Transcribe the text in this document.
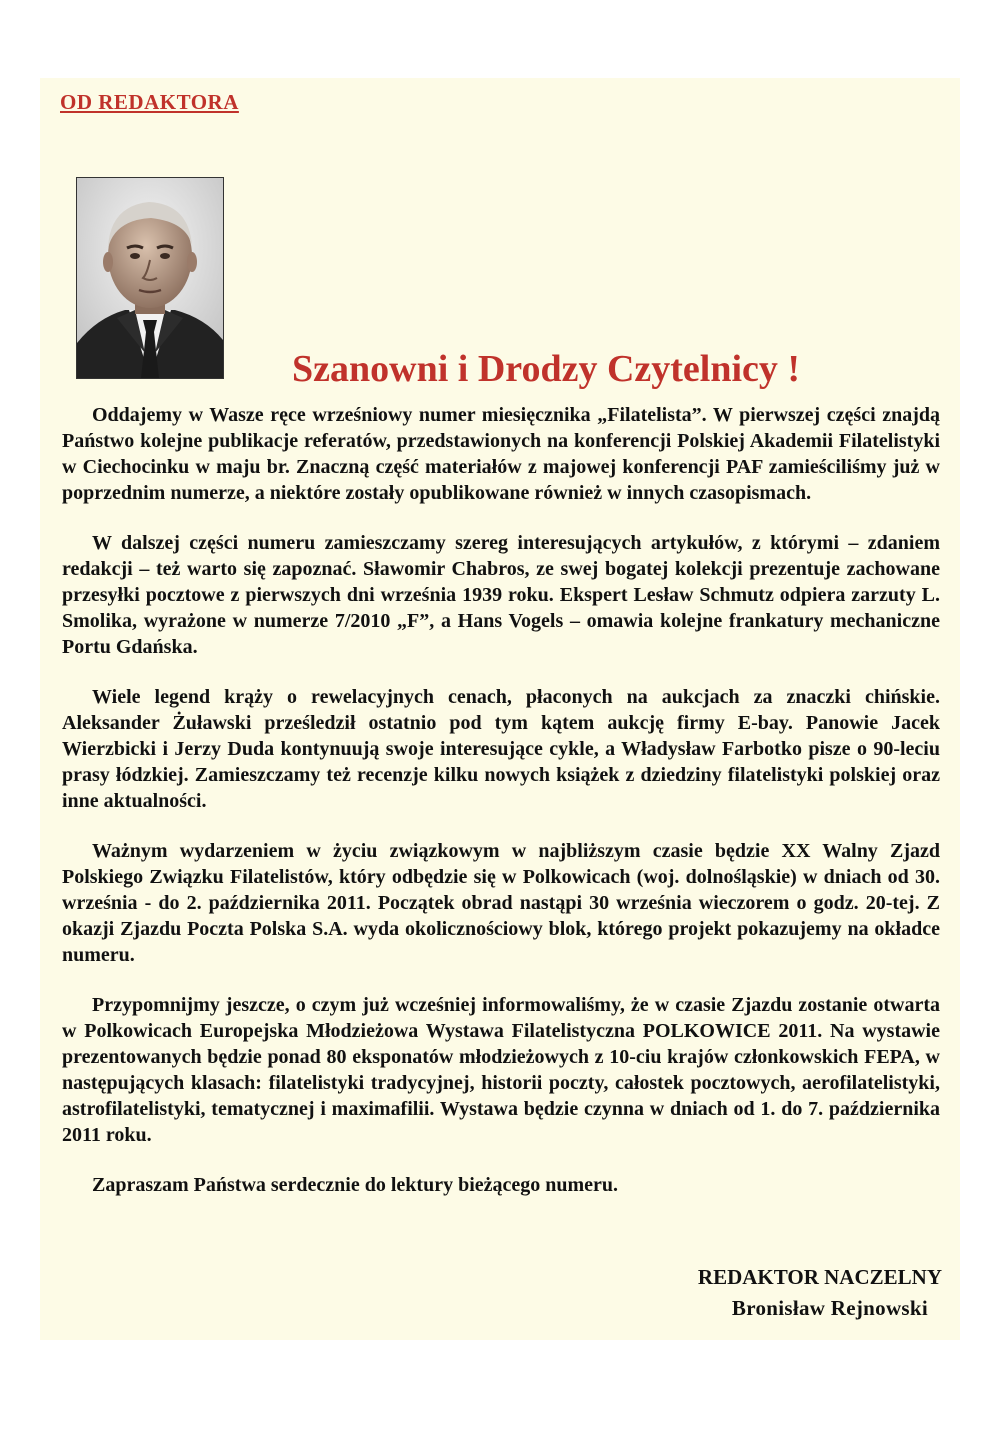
OD REDAKTORA
Szanowni i Drodzy Czytelnicy !

Oddajemy w Wasze ręce wrześniowy numer miesięcznika „Filatelista”. W pierwszej części znajdą Państwo kolejne publikacje referatów, przedstawionych na konferencji Polskiej Akademii Filatelistyki w Ciechocinku w maju br. Znaczną część materiałów z majowej konferencji PAF zamieściliśmy już w poprzednim numerze, a niektóre zostały opublikowane również w innych czasopismach.

W dalszej części numeru zamieszczamy szereg interesujących artykułów, z którymi – zdaniem redakcji – też warto się zapoznać. Sławomir Chabros, ze swej bogatej kolekcji prezentuje zachowane przesyłki pocztowe z pierwszych dni września 1939 roku. Ekspert Lesław Schmutz odpiera zarzuty L. Smolika, wyrażone w numerze 7/2010 „F”, a Hans Vogels – omawia kolejne frankatury mechaniczne Portu Gdańska.

Wiele legend krąży o rewelacyjnych cenach, płaconych na aukcjach za znaczki chińskie. Aleksander Żuławski prześledził ostatnio pod tym kątem aukcję firmy E-bay. Panowie Jacek Wierzbicki i Jerzy Duda kontynuują swoje interesujące cykle, a Władysław Farbotko pisze o 90-leciu prasy łódzkiej. Zamieszczamy też recenzje kilku nowych książek z dziedziny filatelistyki polskiej oraz inne aktualności.

Ważnym wydarzeniem w życiu związkowym w najbliższym czasie będzie XX Walny Zjazd Polskiego Związku Filatelistów, który odbędzie się w Polkowicach (woj. dolnośląskie) w dniach od 30. września - do 2. października 2011. Początek obrad nastąpi 30 września wieczorem o godz. 20-tej. Z okazji Zjazdu Poczta Polska S.A. wyda okolicznościowy blok, którego projekt pokazujemy na okładce numeru.

Przypomnijmy jeszcze, o czym już wcześniej informowaliśmy, że w czasie Zjazdu zostanie otwarta w Polkowicach Europejska Młodzieżowa Wystawa Filatelistyczna POLKOWICE 2011. Na wystawie prezentowanych będzie ponad 80 eksponatów młodzieżowych z 10-ciu krajów członkowskich FEPA, w następujących klasach: filatelistyki tradycyjnej, historii poczty, całostek pocztowych, aerofilatelistyki, astrofilatelistyki, tematycznej i maximafilii. Wystawa będzie czynna w dniach od 1. do 7. października 2011 roku.

Zapraszam Państwa serdecznie do lektury bieżącego numeru.

REDAKTOR NACZELNY
Bronisław Rejnowski
